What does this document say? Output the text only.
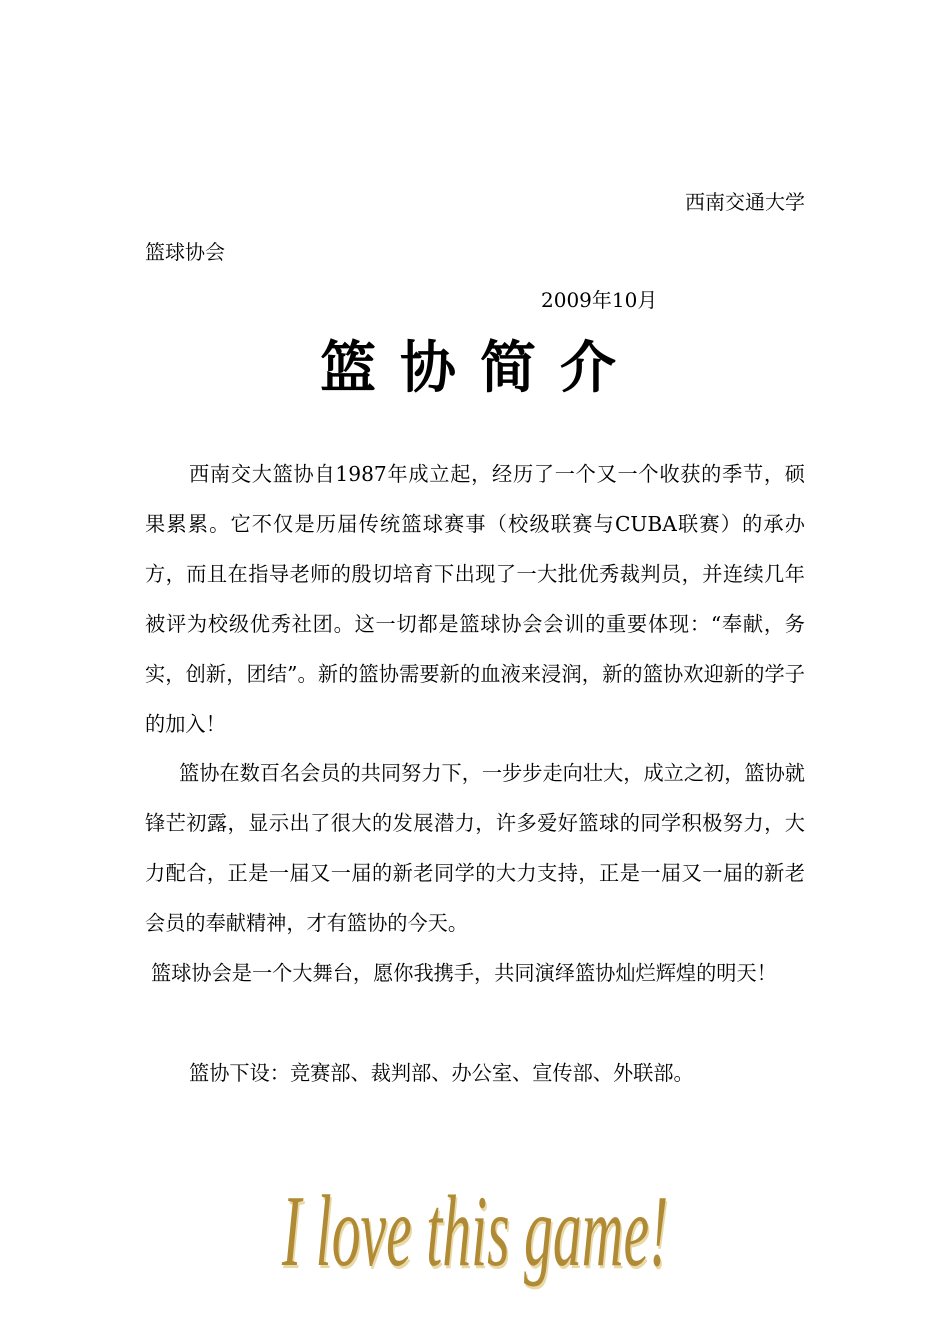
西南交通大学
篮球协会
2009年10月
篮协简介

西南交大篮协自1987年成立起，经历了一个又一个收获的季节，硕果累累。它不仅是历届传统篮球赛事（校级联赛与CUBA联赛）的承办方，而且在指导老师的殷切培育下出现了一大批优秀裁判员，并连续几年被评为校级优秀社团。这一切都是篮球协会会训的重要体现：“奉献，务实，创新，团结”。新的篮协需要新的血液来浸润，新的篮协欢迎新的学子的加入！

篮协在数百名会员的共同努力下，一步步走向壮大，成立之初，篮协就锋芒初露，显示出了很大的发展潜力，许多爱好篮球的同学积极努力，大力配合，正是一届又一届的新老同学的大力支持，正是一届又一届的新老会员的奉献精神，才有篮协的今天。

篮球协会是一个大舞台，愿你我携手，共同演绎篮协灿烂辉煌的明天！

篮协下设：竞赛部、裁判部、办公室、宣传部、外联部。

I love this game!
